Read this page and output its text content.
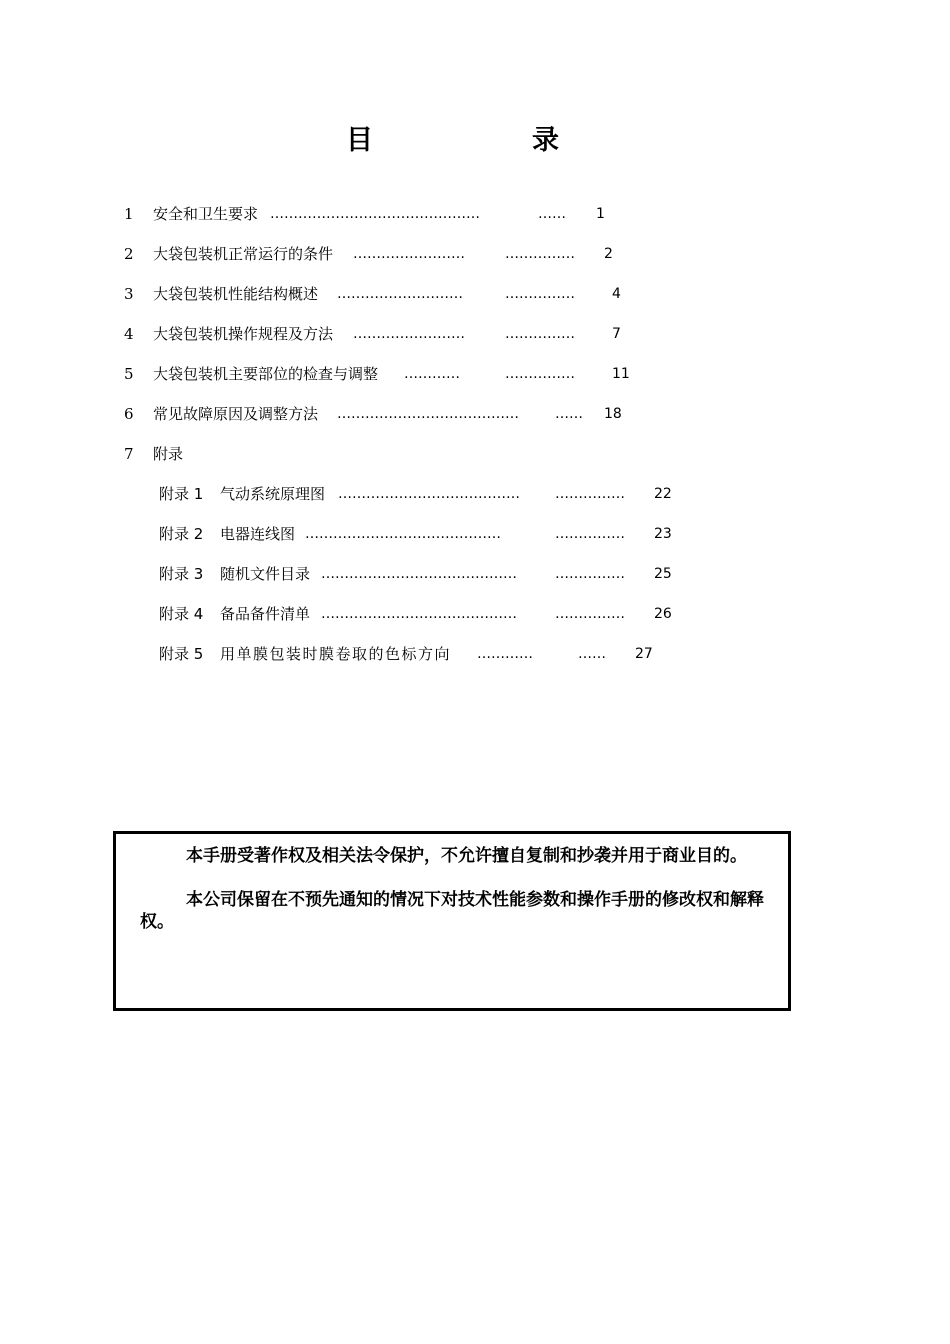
目	录
1 安全和卫生要求 ………………………………………	…… 1
2 大袋包装机正常运行的条件 ……………………	…………… 2
3 大袋包装机性能结构概述 ………………………	……………	4
4 大袋包装机操作规程及方法 ……………………	……………	7
5 大袋包装机主要部位的检查与调整 …………	……………	11
6 常见故障原因及调整方法 …………………………………	…… 18
7 附录
附录 1 气动系统原理图 …………………………………	…………… 22
附录 2 电器连线图 ……………………………………	…………… 23
附录 3 随机文件目录 ……………………………………	…………… 25
附录 4 备品备件清单 ……………………………………	…………… 26
附录 5 用单膜包装时膜卷取的色标方向 …………	…… 27

本手册受著作权及相关法令保护，不允许擅自复制和抄袭并用于商业目的。

本公司保留在不预先通知的情况下对技术性能参数和操作手册的修改权和解释权。
